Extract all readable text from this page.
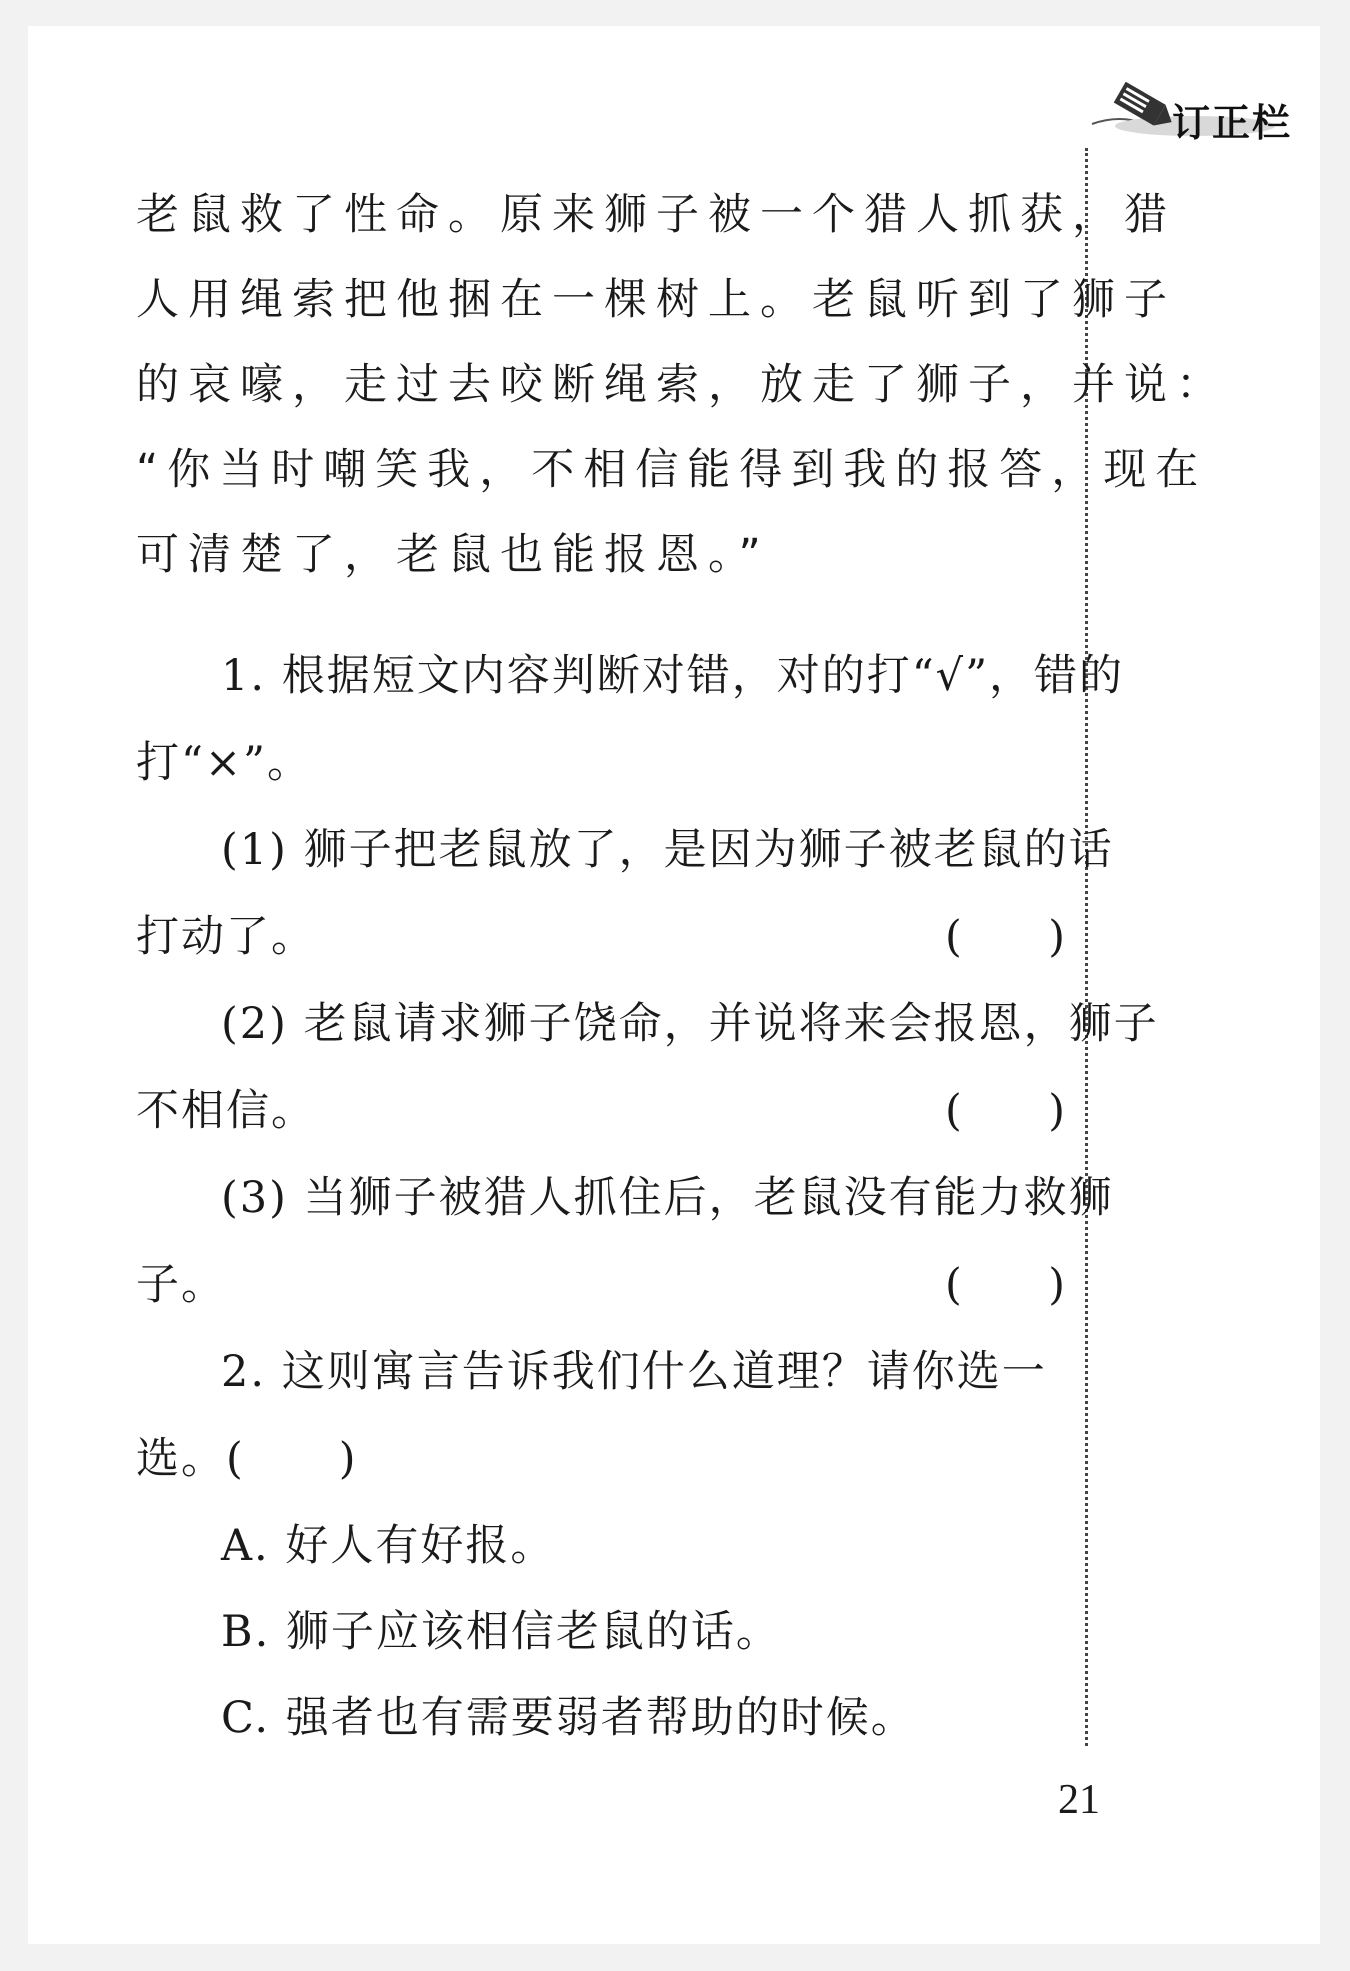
订正栏
老鼠救了性命。原来狮子被一个猎人抓获，猎
人用绳索把他捆在一棵树上。老鼠听到了狮子
的哀嚎，走过去咬断绳索，放走了狮子，并说：
“你当时嘲笑我，不相信能得到我的报答，现在
可清楚了，老鼠也能报恩。”
1. 根据短文内容判断对错，对的打“√”，错的
打“×”。
(1) 狮子把老鼠放了，是因为狮子被老鼠的话
打动了。	( )
(2) 老鼠请求狮子饶命，并说将来会报恩，狮子
不相信。	( )
(3) 当狮子被猎人抓住后，老鼠没有能力救狮
子。	( )
2. 这则寓言告诉我们什么道理？请你选一
选。(      )
A. 好人有好报。
B. 狮子应该相信老鼠的话。
C. 强者也有需要弱者帮助的时候。
21
